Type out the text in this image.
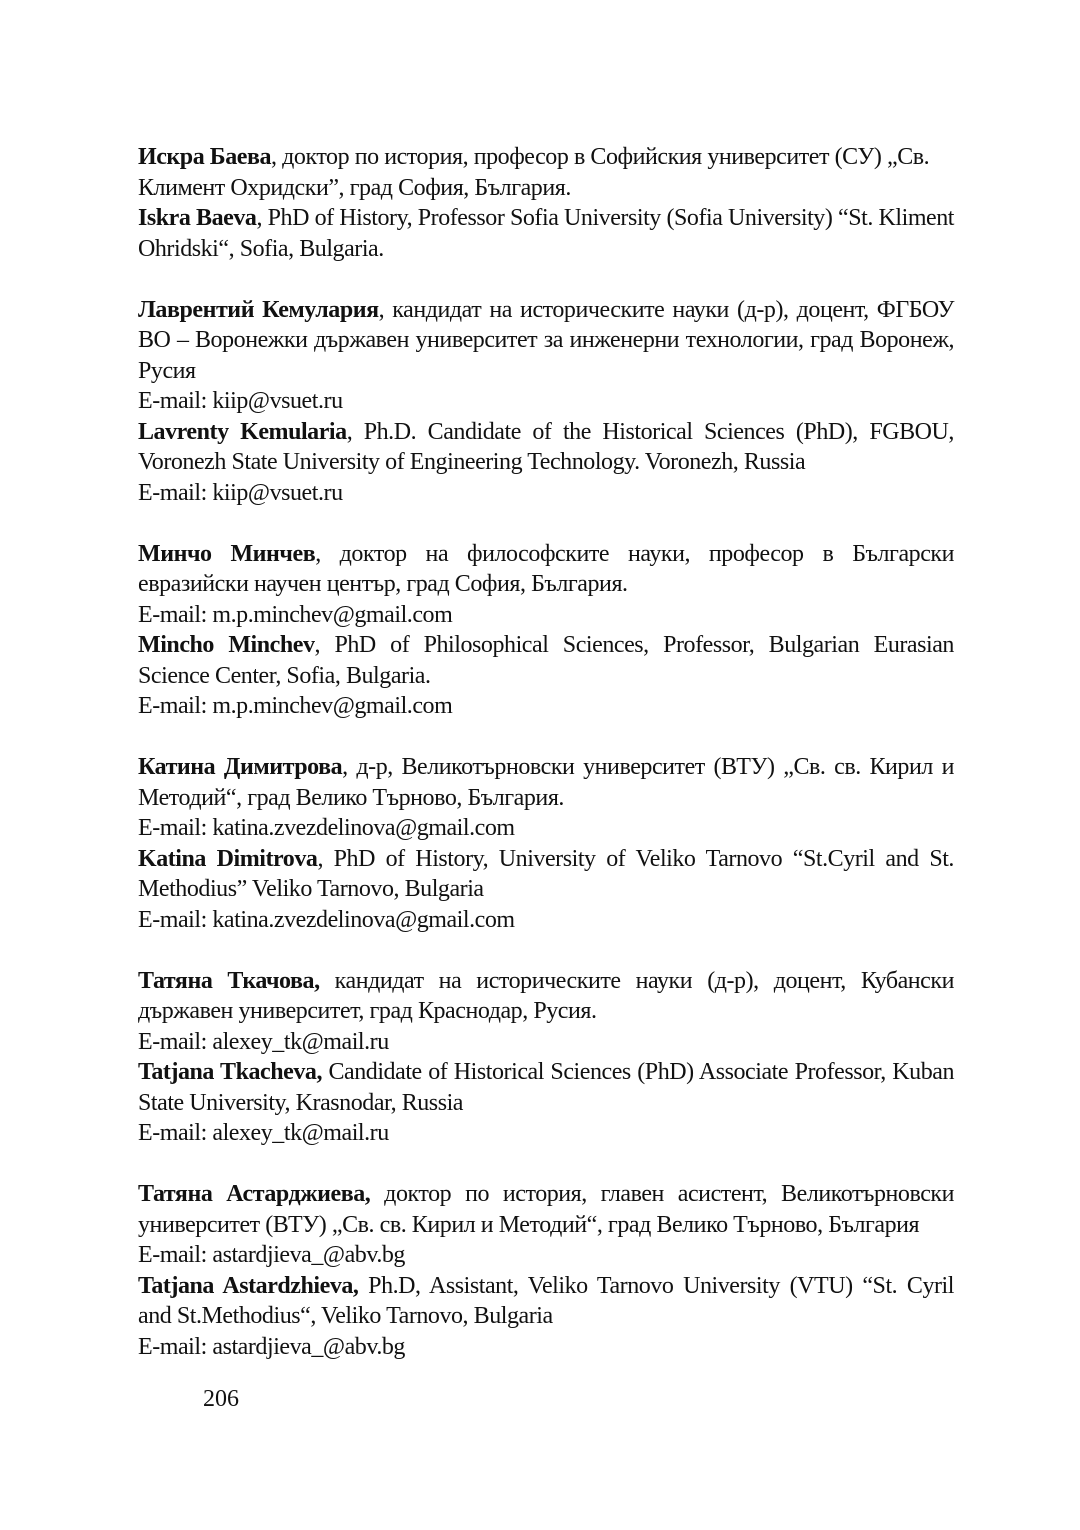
Искра Баева, доктор по история, професор в Софийския университет (СУ) „Св. Климент Охридски”, град София, България.

Iskra Baeva, PhD of History, Professor Sofia University (Sofia University) “St. Kliment Ohridski“, Sofia, Bulgaria.

Лаврентий Кемулария, кандидат на историческите науки (д-р), доцент, ФГБОУ ВО – Воронежки държавен университет за инженерни технологии, град Воронеж, Русия

E-mail: kiip@vsuet.ru

Lavrenty Kemularia, Ph.D. Candidate of the Historical Sciences (PhD), FGBOU, Voronezh State University of Engineering Technology. Voronezh, Russia

E-mail: kiip@vsuet.ru

Минчо Минчев, доктор на философските науки, професор в Български евразийски научен център, град София, България.

E-mail: m.p.minchev@gmail.com

Mincho Minchev, PhD of Philosophical Sciences, Professor, Bulgarian Eurasian Science Center, Sofia, Bulgaria.

E-mail: m.p.minchev@gmail.com

Катина Димитрова, д-р, Великотърновски университет (ВТУ) „Св. св. Кирил и Методий“, град Велико Търново, България.

E-mail: katina.zvezdelinova@gmail.com

Katina Dimitrova, PhD of History, University of Veliko Tarnovo “St.Cyril and St. Methodius” Veliko Tarnovo, Bulgaria

E-mail: katina.zvezdelinova@gmail.com

Татяна Ткачова, кандидат на историческите науки (д-р), доцент, Кубански държавен университет, град Краснодар, Русия.

E-mail: alexey_tk@mail.ru

Tatjana Tkacheva, Candidate of Historical Sciences (PhD) Associate Professor, Kuban State University, Krasnodar, Russia

E-mail: alexey_tk@mail.ru

Татяна Астарджиева, доктор по история, главен асистент, Великотърновски университет (ВТУ) „Св. св. Кирил и Методий“, град Велико Търново, България

E-mail: astardjieva_@abv.bg

Tatjana Astardzhieva, Ph.D, Assistant, Veliko Tarnovo University (VTU) “St. Cyril and St.Methodius“, Veliko Tarnovo, Bulgaria

E-mail: astardjieva_@abv.bg

206
